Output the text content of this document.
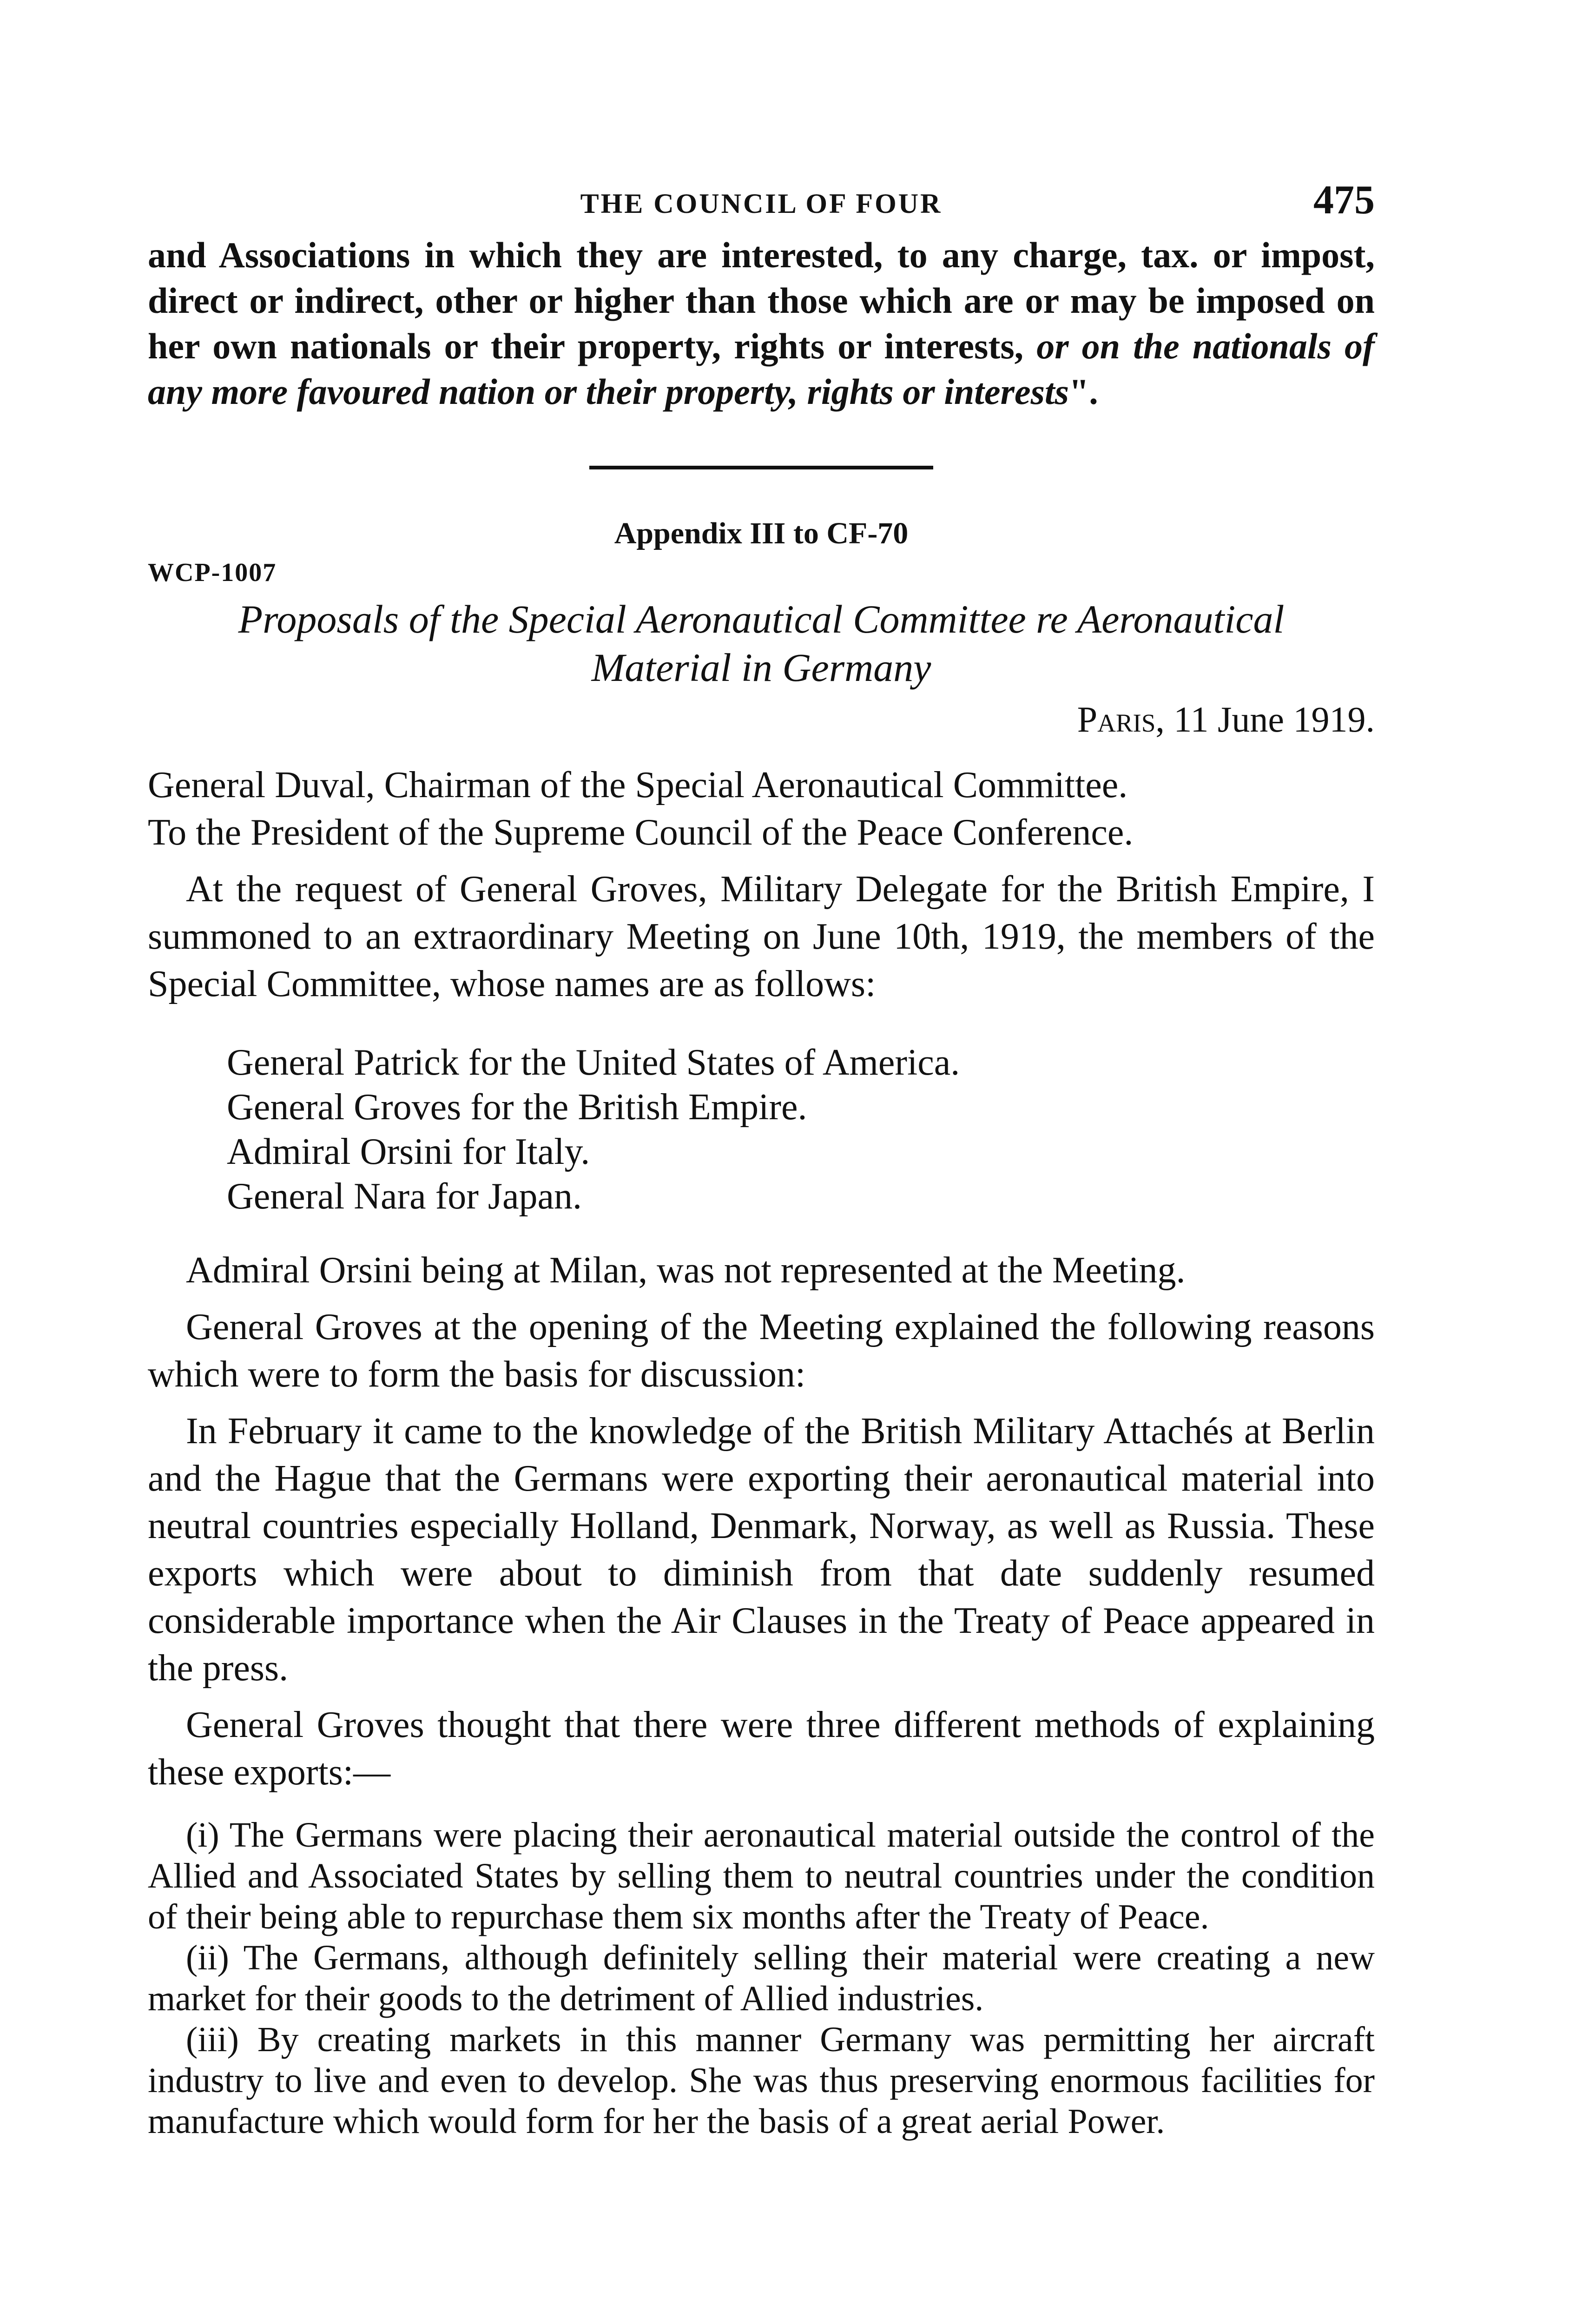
THE COUNCIL OF FOUR	475

and Associations in which they are interested, to any charge, tax. or impost, direct or indirect, other or higher than those which are or may be imposed on her own nationals or their property, rights or interests, or on the nationals of any more favoured nation or their property, rights or interests".

Appendix III to CF-70
WCP-1007
Proposals of the Special Aeronautical Committee re Aeronautical
Material in Germany
Paris, 11 June 1919.

General Duval, Chairman of the Special Aeronautical Committee.

To the President of the Supreme Council of the Peace Conference.

At the request of General Groves, Military Delegate for the British Empire, I summoned to an extraordinary Meeting on June 10th, 1919, the members of the Special Committee, whose names are as follows:

General Patrick for the United States of America.
General Groves for the British Empire.
Admiral Orsini for Italy.
General Nara for Japan.

Admiral Orsini being at Milan, was not represented at the Meeting.

General Groves at the opening of the Meeting explained the following reasons which were to form the basis for discussion:

In February it came to the knowledge of the British Military Attachés at Berlin and the Hague that the Germans were exporting their aeronautical material into neutral countries especially Holland, Denmark, Norway, as well as Russia. These exports which were about to diminish from that date suddenly resumed considerable importance when the Air Clauses in the Treaty of Peace appeared in the press.

General Groves thought that there were three different methods of explaining these exports:—

(i) The Germans were placing their aeronautical material outside the control of the Allied and Associated States by selling them to neutral countries under the condition of their being able to repurchase them six months after the Treaty of Peace.

(ii) The Germans, although definitely selling their material were creating a new market for their goods to the detriment of Allied industries.

(iii) By creating markets in this manner Germany was permitting her aircraft industry to live and even to develop. She was thus preserving enormous facilities for manufacture which would form for her the basis of a great aerial Power.
